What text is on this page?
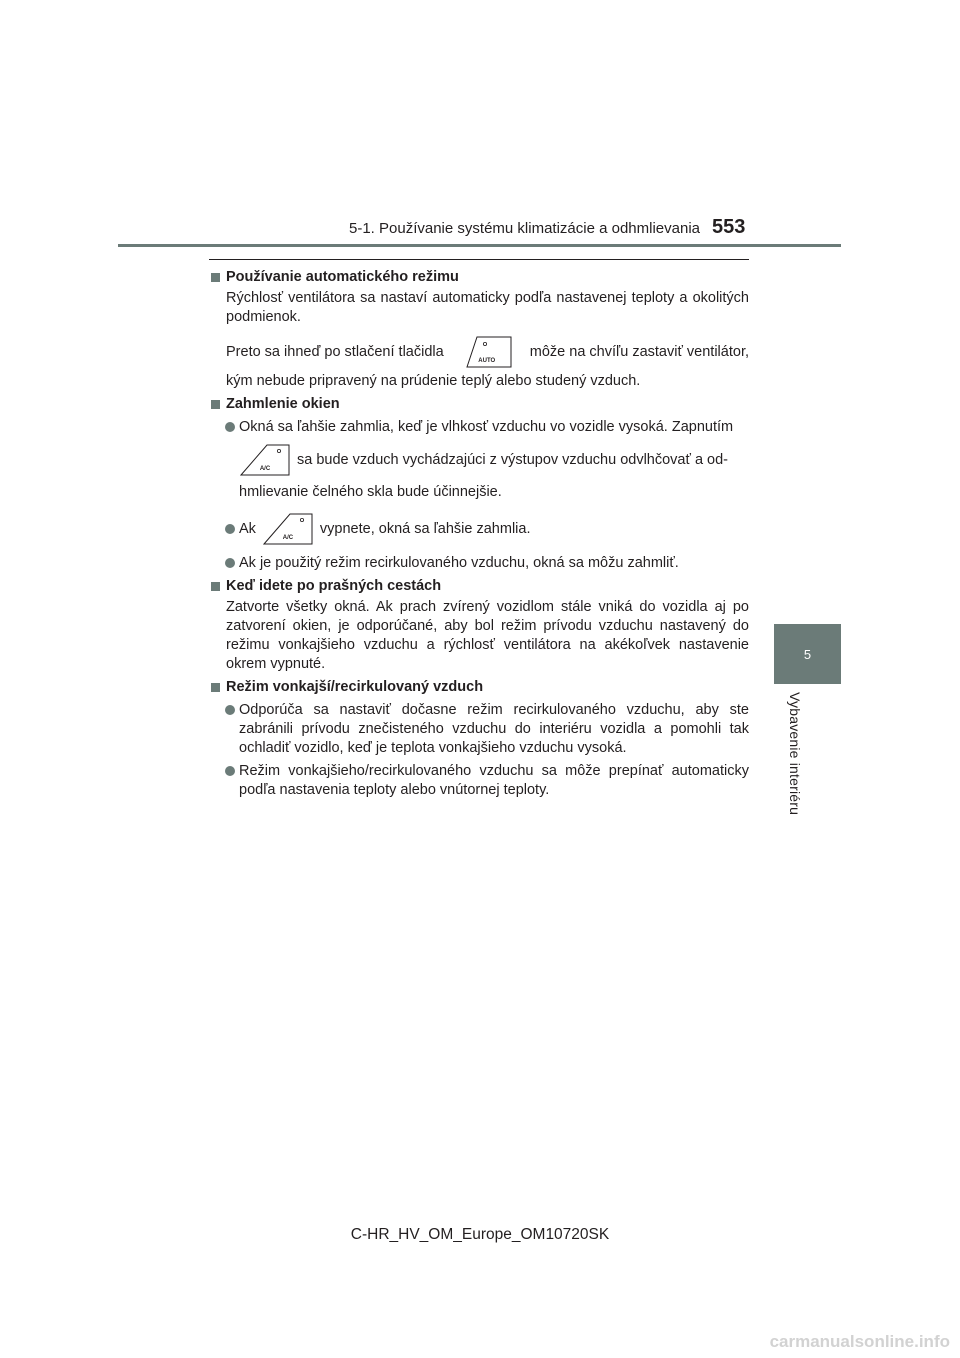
5-1. Používanie systému klimatizácie a odhmlievania 553
5
Vybavenie interiéru
Používanie automatického režimu
Rýchlosť ventilátora sa nastaví automaticky podľa nastavenej teploty a okolitých podmienok.
Preto sa ihneď po stlačení tlačidla
AUTO
môže na chvíľu zastaviť ventilátor,
kým nebude pripravený na prúdenie teplý alebo studený vzduch.
Zahmlenie okien
Okná sa ľahšie zahmlia, keď je vlhkosť vzduchu vo vozidle vysoká. Zapnutím
A/C
sa bude vzduch vychádzajúci z výstupov vzduchu odvlhčovať a od-
hmlievanie čelného skla bude účinnejšie.
Ak
A/C
vypnete, okná sa ľahšie zahmlia.
Ak je použitý režim recirkulovaného vzduchu, okná sa môžu zahmliť.
Keď idete po prašných cestách
Zatvorte všetky okná. Ak prach zvírený vozidlom stále vniká do vozidla aj po zatvorení okien, je odporúčané, aby bol režim prívodu vzduchu nastavený do režimu vonkajšieho vzduchu a rýchlosť ventilátora na akékoľvek nastavenie okrem vypnuté.
Režim vonkajší/recirkulovaný vzduch
Odporúča sa nastaviť dočasne režim recirkulovaného vzduchu, aby ste zabránili prívodu znečisteného vzduchu do interiéru vozidla a pomohli tak ochladiť vozidlo, keď je teplota vonkajšieho vzduchu vysoká.
Režim vonkajšieho/recirkulovaného vzduchu sa môže prepínať automaticky podľa nastavenia teploty alebo vnútornej teploty.
C-HR_HV_OM_Europe_OM10720SK
carmanualsonline.info
